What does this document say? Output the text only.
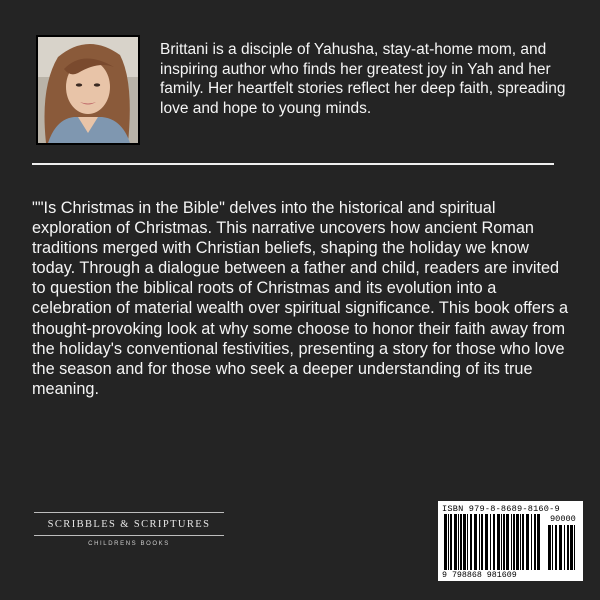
Brittani is a disciple of Yahusha, stay-at-home mom, and inspiring author who finds her greatest joy in Yah and her family. Her heartfelt stories reflect her deep faith, spreading love and hope to young minds.
""Is Christmas in the Bible" delves into the historical and spiritual exploration of Christmas. This narrative uncovers how ancient Roman traditions merged with Christian beliefs, shaping the holiday we know today. Through a dialogue between a father and child, readers are invited to question the biblical roots of Christmas and its evolution into a celebration of material wealth over spiritual significance. This book offers a thought-provoking look at why some choose to honor their faith away from the holiday's conventional festivities, presenting a story for those who love the season and for those who seek a deeper understanding of its true meaning.
SCRIBBLES & SCRIPTURES
CHILDRENS BOOKS
ISBN 979-8-8689-8160-9
90000
9 798868 981609
